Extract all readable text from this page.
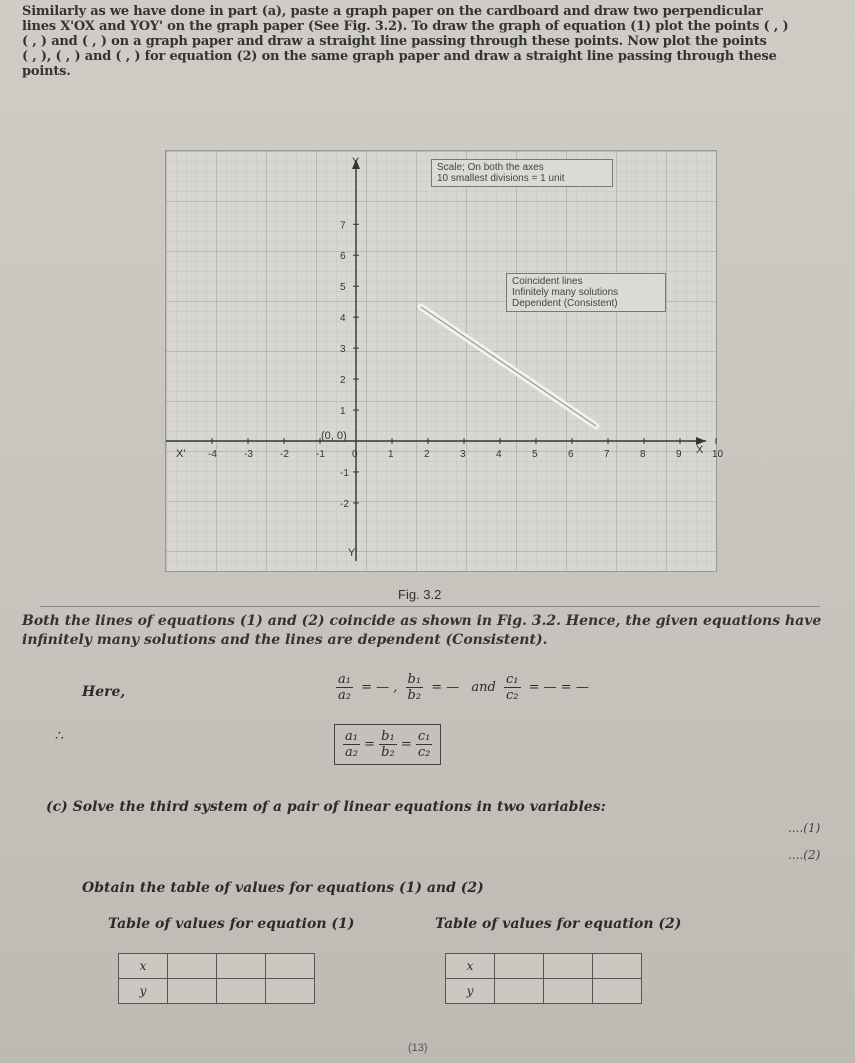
Similarly as we have done in part (a), paste a graph paper on the cardboard and draw two perpendicular

lines X'OX and YOY' on the graph paper (See Fig. 3.2). To draw the graph of equation (1) plot the points ( , )

( , ) and ( , ) on a graph paper and draw a straight line passing through these points. Now plot the points

( , ), ( , ) and ( , ) for equation (2) on the same graph paper and draw a straight line passing through these

points.

-4	-3	-2	-1	0	1	2	3	4	5	6	7	8	9	10
7
6
5
4
3
2
1
-1
-2
Y
Y'
X
X'
(0, 0)
Scale; On both the axes
10 smallest divisions = 1 unit
Coincident lines
Infinitely many solutions
Dependent (Consistent)
Fig. 3.2

Both the lines of equations (1) and (2) coincide as shown in Fig. 3.2. Hence, the given equations have

infinitely many solutions and the lines are dependent (Consistent).

Here,	$\frac{\text{a₁}}{\text{a₂}}$ = — , $\frac{\text{b₁}}{\text{b₂}}$ = — and $\frac{\text{c₁}}{\text{c₂}}$ = — = —
∴	$\frac{\text{a₁}}{\text{a₂}} = \frac{\text{b₁}}{\text{b₂}} = \frac{\text{c₁}}{\text{c₂}}$
(c) Solve the third system of a pair of linear equations in two variables:
....(1)
....(2)
Obtain the table of values for equations (1) and (2)
Table of values for equation (1)
x			
y			
Table of values for equation (2)
x			
y			
(13)
